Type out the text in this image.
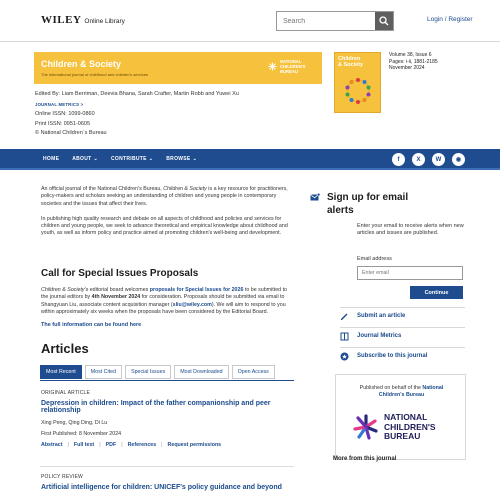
WILEY Online Library
Search	Login / Register
Children & Society
The international journal of childhood and children's services
NATIONAL
CHILDREN'S
BUREAU
Children
& Society
Volume 38, Issue 6
Pages: i-ii, 1881-2185
November 2024
Edited By: Liam Berriman, Deevia Bhana, Sarah Crafter, Martin Robb and Yuwei Xu
JOURNAL METRICS >
Online ISSN: 1099-0860
Print ISSN: 0951-0605
© National Children`s Bureau
HOME	ABOUT ⌄	CONTRIBUTE ⌄	BROWSE ⌄	f	X	W	◉

An official journal of the National Children's Bureau, Children & Society is a key resource for practitioners, policy-makers and scholars seeking an understanding of children and young people in contemporary societies and the issues that affect their lives.

In publishing high quality research and debate on all aspects of childhood and policies and services for children and young people, we seek to advance theoretical and empirical knowledge about childhood and youth, as well as inform policy and practice aimed at promoting children's well-being and development.

Call for Special Issues Proposals
Children & Society's editorial board welcomes proposals for Special Issues for 2026 to be submitted to the journal editors by 4th November 2024 for consideration. Proposals should be submitted via email to Shangyuan Liu, associate content acquisition manager (sliu@wiley.com). We will aim to respond to you within approximately six weeks when the proposals have been considered by the Editorial Board.
The full information can be found here
Articles
Most Recent	Most Cited	Special Issues	Most Downloaded	Open Access
ORIGINAL ARTICLE
Depression in children: Impact of the father companionship and peer relationship
Xing Peng, Qing Ding, Di Lu
First Published: 8 November 2024
Abstract | Full text | PDF | References | Request permissions
POLICY REVIEW
Artificial intelligence for children: UNICEF's policy guidance and beyond
Sign up for email
alerts
Enter your email to receive alerts when new articles and issues are published.
Email address
Enter email
Continue
Submit an article
Journal Metrics
Subscribe to this journal
Published on behalf of the National
Children's Bureau
NATIONAL
CHILDREN'S
BUREAU
More from this journal
